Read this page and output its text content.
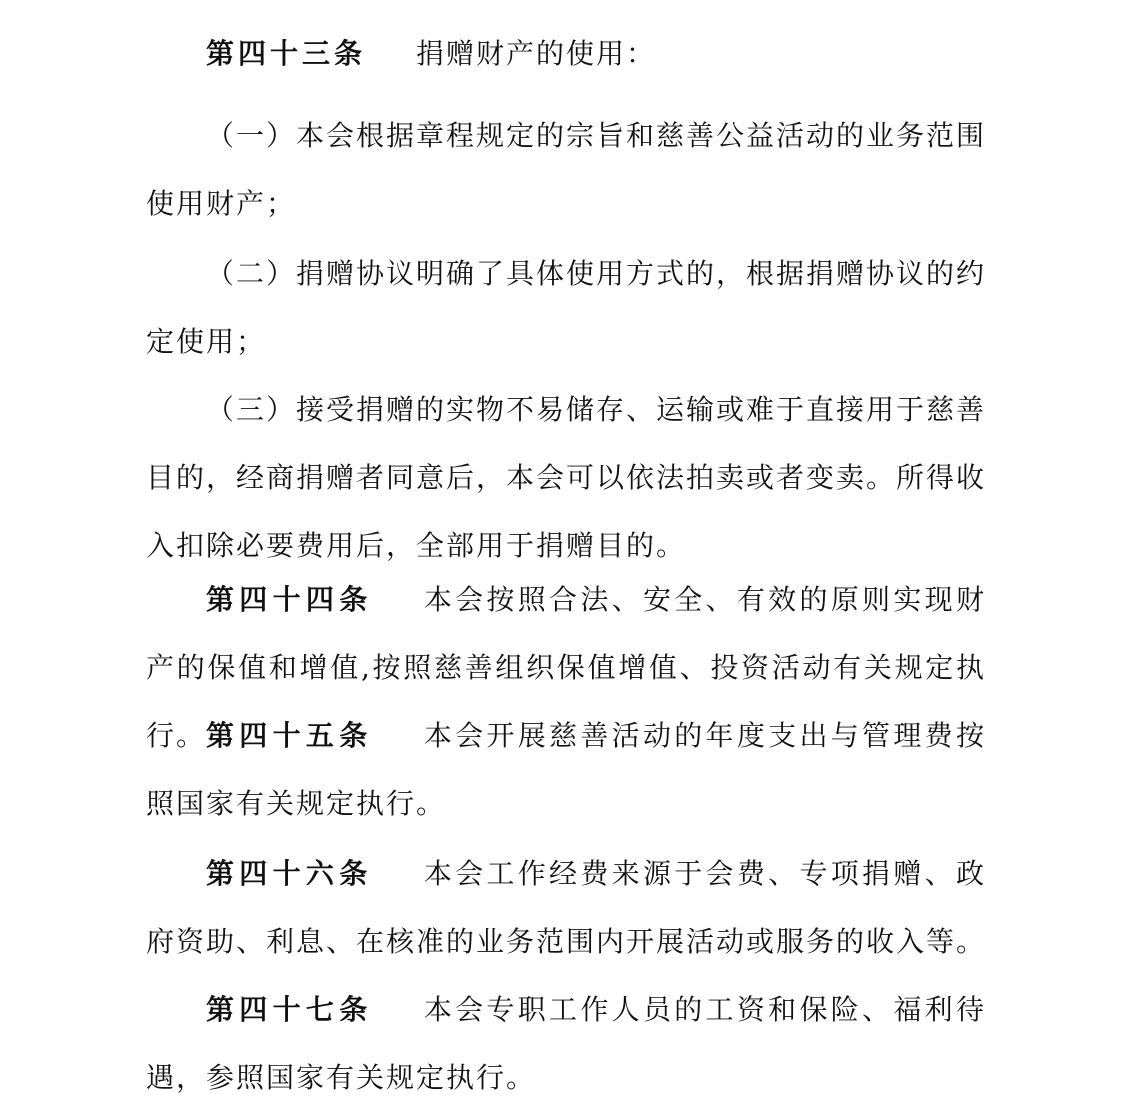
第四十三条 捐赠财产的使用：

（一）本会根据章程规定的宗旨和慈善公益活动的业务范围使用财产；

（二）捐赠协议明确了具体使用方式的，根据捐赠协议的约定使用；

（三）接受捐赠的实物不易储存、运输或难于直接用于慈善目的，经商捐赠者同意后，本会可以依法拍卖或者变卖。所得收入扣除必要费用后，全部用于捐赠目的。

第四十四条 本会按照合法、安全、有效的原则实现财产的保值和增值,按照慈善组织保值增值、投资活动有关规定执行。 第四十五条 本会开展慈善活动的年度支出与管理费按照国家有关规定执行。

第四十六条 本会工作经费来源于会费、专项捐赠、政府资助、利息、在核准的业务范围内开展活动或服务的收入等。

第四十七条 本会专职工作人员的工资和保险、福利待遇，参照国家有关规定执行。
